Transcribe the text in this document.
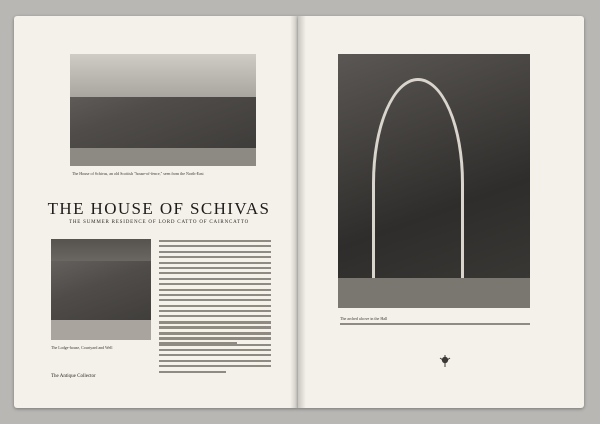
The House of Schivas, an old Scottish "house-of-fence," seen from the North-East
THE HOUSE OF SCHIVAS
THE SUMMER RESIDENCE OF LORD CATTO OF CAIRNCATTO
The Lodge-house, Courtyard and Well
The Antique Collector
The arched alcove in the Hall
